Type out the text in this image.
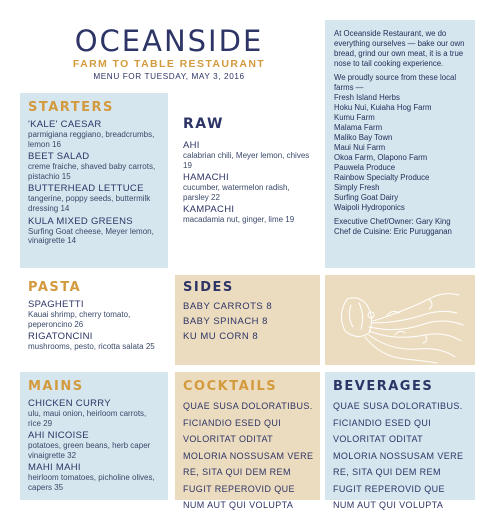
OCEANSIDE
FARM TO TABLE RESTAURANT
MENU FOR TUESDAY, MAY 3, 2016

At Oceanside Restaurant, we do everything ourselves — bake our own bread, grind our own meat, it is a true nose to tail cooking experience.

We proudly source from these local farms —

Fresh Island Herbs

Hoku Nui, Kuiaha Hog Farm

Kumu Farm

Malama Farm

Maliko Bay Town

Maui Nui Farm

Okoa Farm, Olapono Farm

Pauwela Produce

Rainbow Specialty Produce

Simply Fresh

Surfing Goat Dairy

Waipoli Hydroponics

Executive Chef/Owner: Gary King

Chef de Cuisine: Eric Purugganan

STARTERS
'KALE' CAESAR
parmigiana reggiano, breadcrumbs, lemon 16
BEET SALAD
creme fraiche, shaved baby carrots, pistachio 15
BUTTERHEAD LETTUCE
tangerine, poppy seeds, buttermilk dressing 14
KULA MIXED GREENS
Surfing Goat cheese, Meyer lemon, vinaigrette 14
RAW
AHI
calabrian chili, Meyer lemon, chives 19
HAMACHI
cucumber, watermelon radish, parsley 22
KAMPACHI
macadamia nut, ginger, lime 19
PASTA
SPAGHETTI
Kauai shrimp, cherry tomato, peperoncino 26
RIGATONCINI
mushrooms, pesto, ricotta salata 25
SIDES
BABY CARROTS 8
BABY SPINACH 8
KU MU CORN 8
MAINS
CHICKEN CURRY
ulu, maui onion, heirloom carrots, rice 29
AHI NICOISE
potatoes, green beans, herb caper vinaigrette 32
MAHI MAHI
heirloom tomatoes, picholine olives, capers 35
COCKTAILS
QUAE SUSA DOLORATIBUS.
FICIANDIO ESED QUI
VOLORITAT ODITAT
MOLORIA NOSSUSAM VERE
RE, SITA QUI DEM REM
FUGIT REPEROVID QUE
NUM AUT QUI VOLUPTA
BEVERAGES
QUAE SUSA DOLORATIBUS.
FICIANDIO ESED QUI
VOLORITAT ODITAT
MOLORIA NOSSUSAM VERE
RE, SITA QUI DEM REM
FUGIT REPEROVID QUE
NUM AUT QUI VOLUPTA
